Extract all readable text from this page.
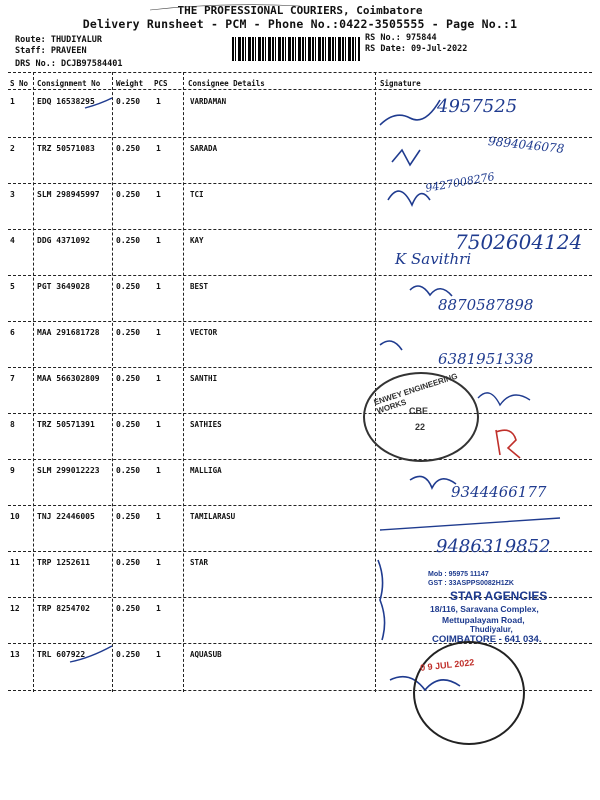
THE PROFESSIONAL COURIERS, Coimbatore
Delivery Runsheet - PCM - Phone No.:0422-3505555 - Page No.:1
Route: THUDIYALUR
Staff: PRAVEEN
DRS No.: DCJB97584401
RS No.: 975844
RS Date: 09-Jul-2022
S No Consignment No Weight PCS	Consignee Details	Signature
1	EDQ 16538295	0.250 1	VARDAMAN
2	TRZ 50571083	0.250 1	SARADA
3	SLM 298945997 0.250 1	TCI
4	DDG 4371092	0.250 1	KAY
5	PGT 3649028	0.250 1	BEST
6	MAA 291681728 0.250 1	VECTOR
7	MAA 566302809 0.250 1	SANTHI
8	TRZ 50571391	0.250 1	SATHIES
9	SLM 299012223 0.250 1	MALLIGA
10 TNJ 22446005	0.250 1	TAMILARASU
11 TRP 1252611	0.250 1	STAR
12 TRP 8254702	0.250 1
13 TRL 607922	0.250 1	AQUASUB
4957525
9894046078
9427008276
7502604124
K Savithri
8870587898
6381951338
9344466177
9486319852
ENWEY ENGINEERING WORKS CBE
22
Mob : 95975 11147
GST : 33ASPPS0082H1ZK
STAR AGENCIES
18/116, Saravana Complex,
Mettupalayam Road,
Thudiyalur,
COIMBATORE - 641 034.
0 9 JUL 2022
